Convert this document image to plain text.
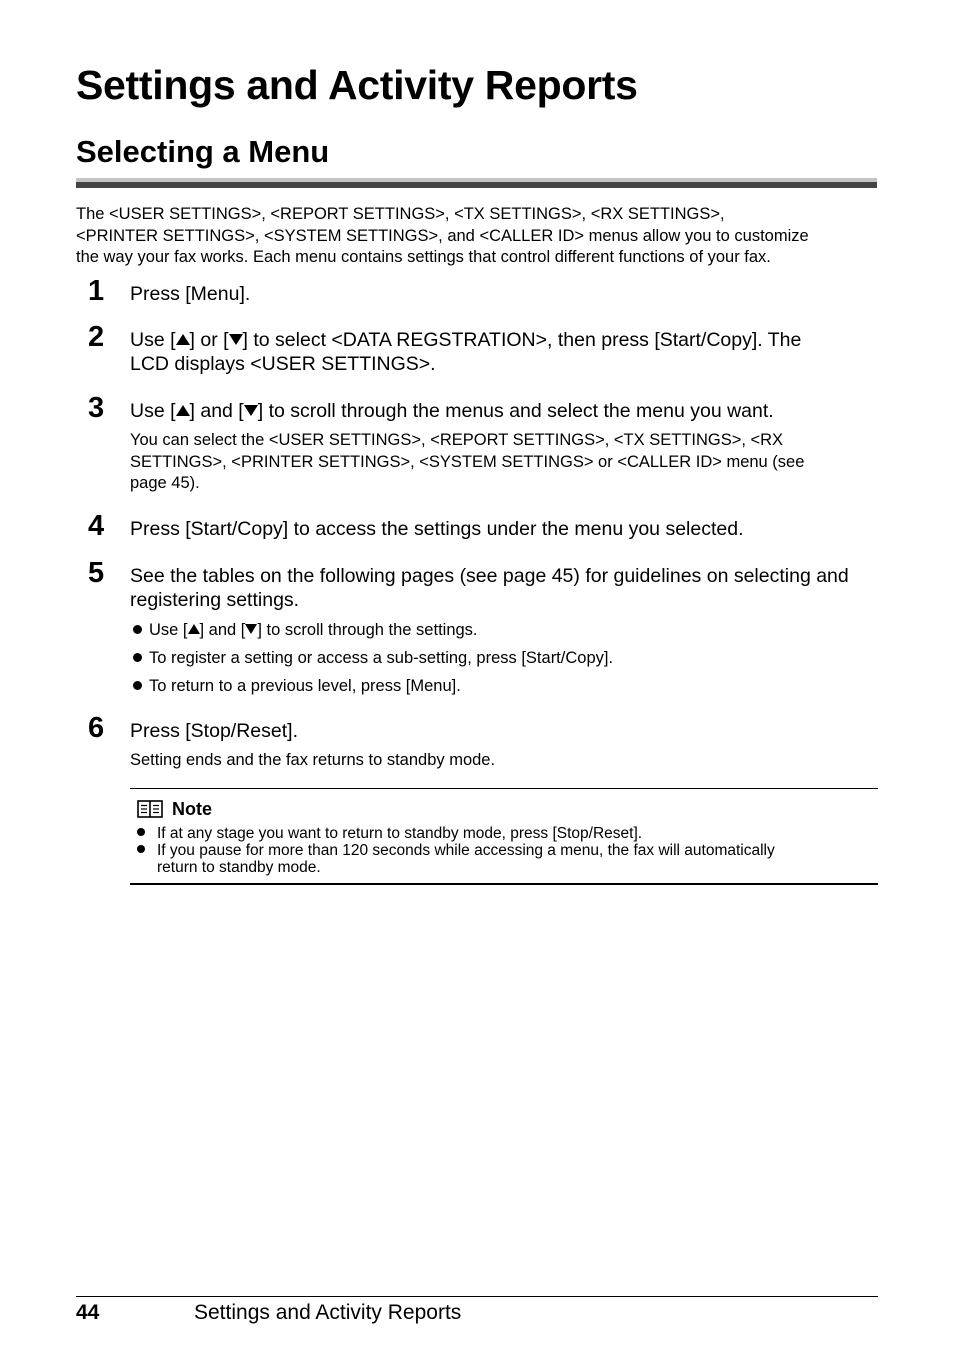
Settings and Activity Reports
Selecting a Menu
The <USER SETTINGS>, <REPORT SETTINGS>, <TX SETTINGS>, <RX SETTINGS>,
<PRINTER SETTINGS>, <SYSTEM SETTINGS>, and <CALLER ID> menus allow you to customize
the way your fax works. Each menu contains settings that control different functions of your fax.
1 Press [Menu].
2 Use [ ] or [ ] to select <DATA REGSTRATION>, then press [Start/Copy]. The
LCD displays <USER SETTINGS>.
3 Use [ ] and [ ] to scroll through the menus and select the menu you want.
You can select the <USER SETTINGS>, <REPORT SETTINGS>, <TX SETTINGS>, <RX
SETTINGS>, <PRINTER SETTINGS>, <SYSTEM SETTINGS> or <CALLER ID> menu (see
page 45).
4 Press [Start/Copy] to access the settings under the menu you selected.
5 See the tables on the following pages (see page 45) for guidelines on selecting and
registering settings.
Use [ ] and [ ] to scroll through the settings.
To register a setting or access a sub-setting, press [Start/Copy].
To return to a previous level, press [Menu].
6 Press [Stop/Reset].
Setting ends and the fax returns to standby mode.
Note
If at any stage you want to return to standby mode, press [Stop/Reset].
If you pause for more than 120 seconds while accessing a menu, the fax will automatically
return to standby mode.
44	Settings and Activity Reports
